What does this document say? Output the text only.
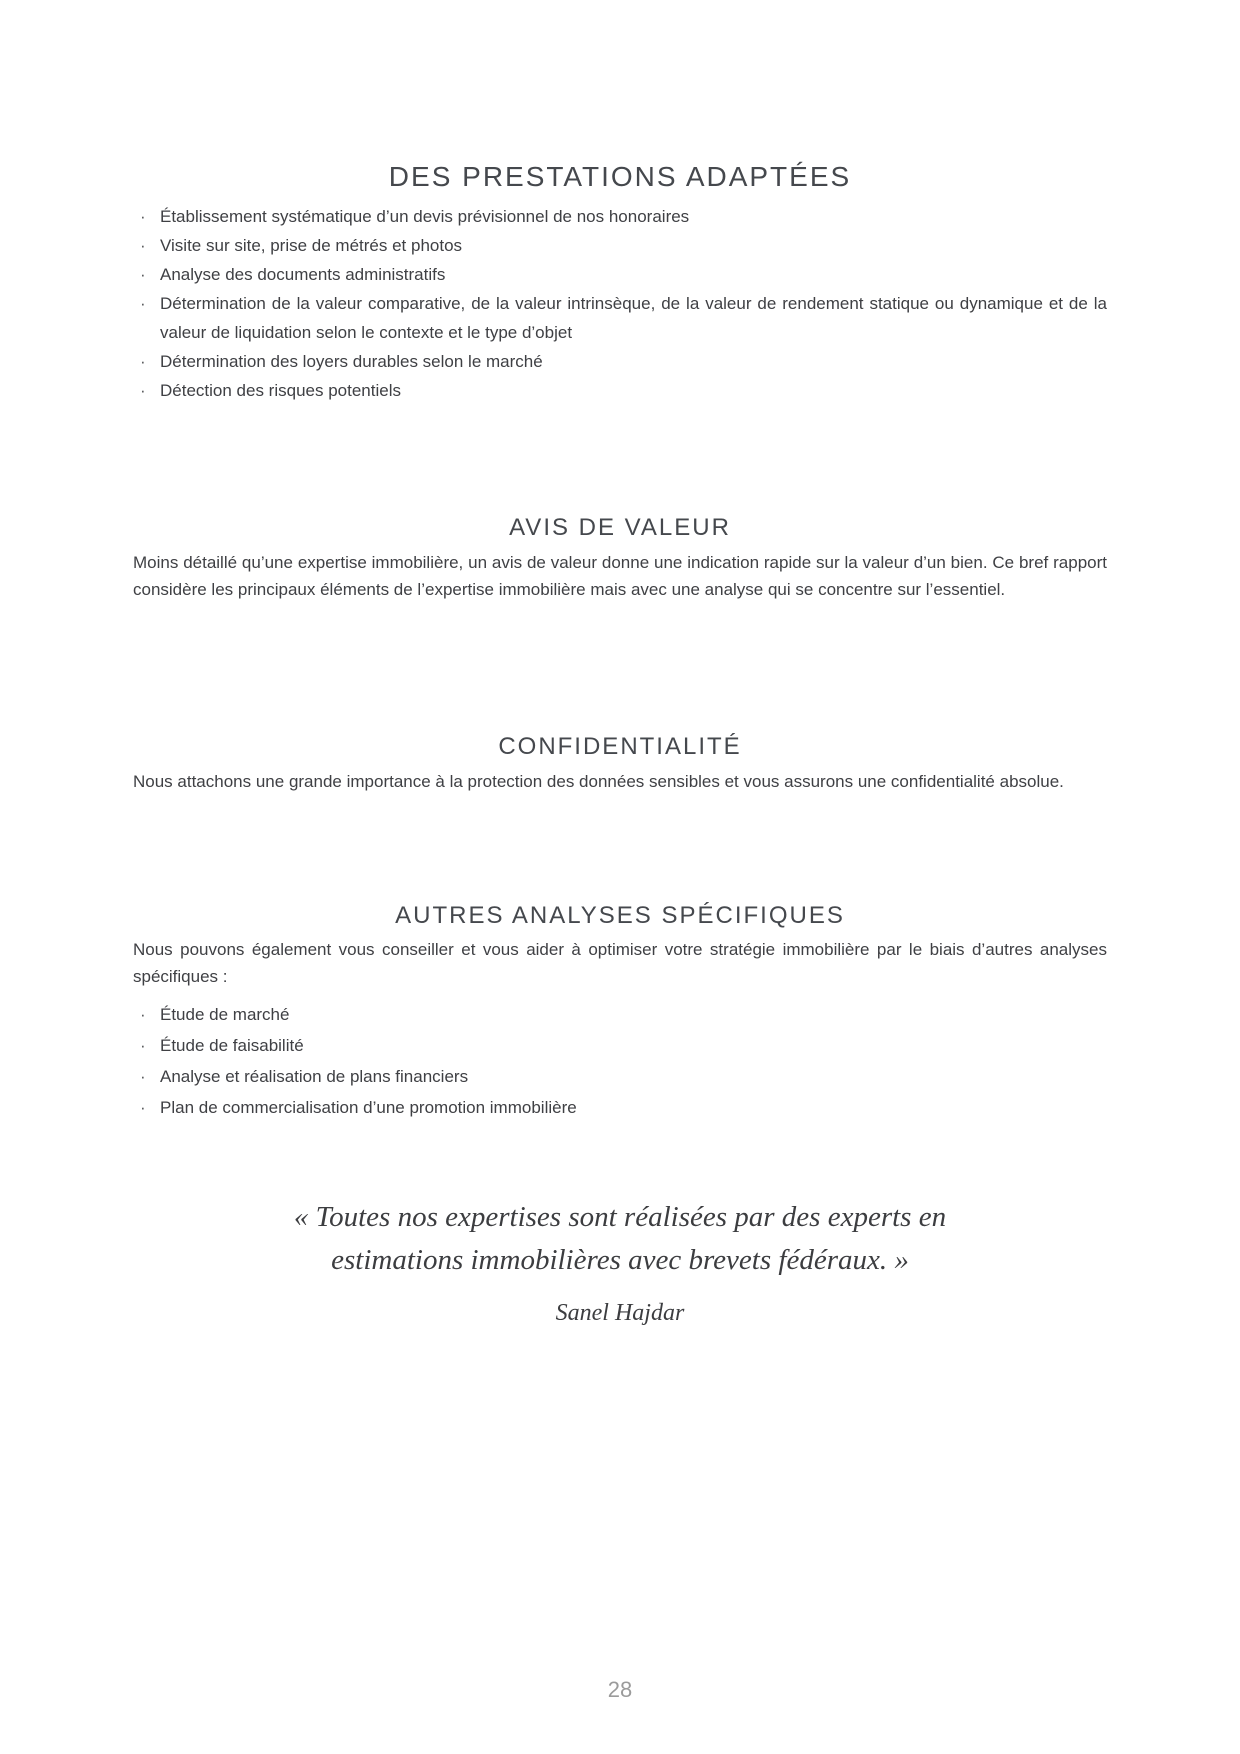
DES PRESTATIONS ADAPTÉES
· Établissement systématique d’un devis prévisionnel de nos honoraires
· Visite sur site, prise de métrés et photos
· Analyse des documents administratifs
· Détermination de la valeur comparative, de la valeur intrinsèque, de la valeur de rendement statique ou dynamique et de la valeur de liquidation selon le contexte et le type d’objet
· Détermination des loyers durables selon le marché
· Détection des risques potentiels
AVIS DE VALEUR

Moins détaillé qu’une expertise immobilière, un avis de valeur donne une indication rapide sur la valeur d’un bien. Ce bref rapport considère les principaux éléments de l’expertise immobilière mais avec une analyse qui se concentre sur l’essentiel.

CONFIDENTIALITÉ

Nous attachons une grande importance à la protection des données sensibles et vous assurons une confidentialité absolue.

AUTRES ANALYSES SPÉCIFIQUES

Nous pouvons également vous conseiller et vous aider à optimiser votre stratégie immobilière par le biais d’autres analyses spécifiques :

· Étude de marché
· Étude de faisabilité
· Analyse et réalisation de plans financiers
· Plan de commercialisation d’une promotion immobilière
« Toutes nos expertises sont réalisées par des experts en
estimations immobilières avec brevets fédéraux. »
Sanel Hajdar
28
